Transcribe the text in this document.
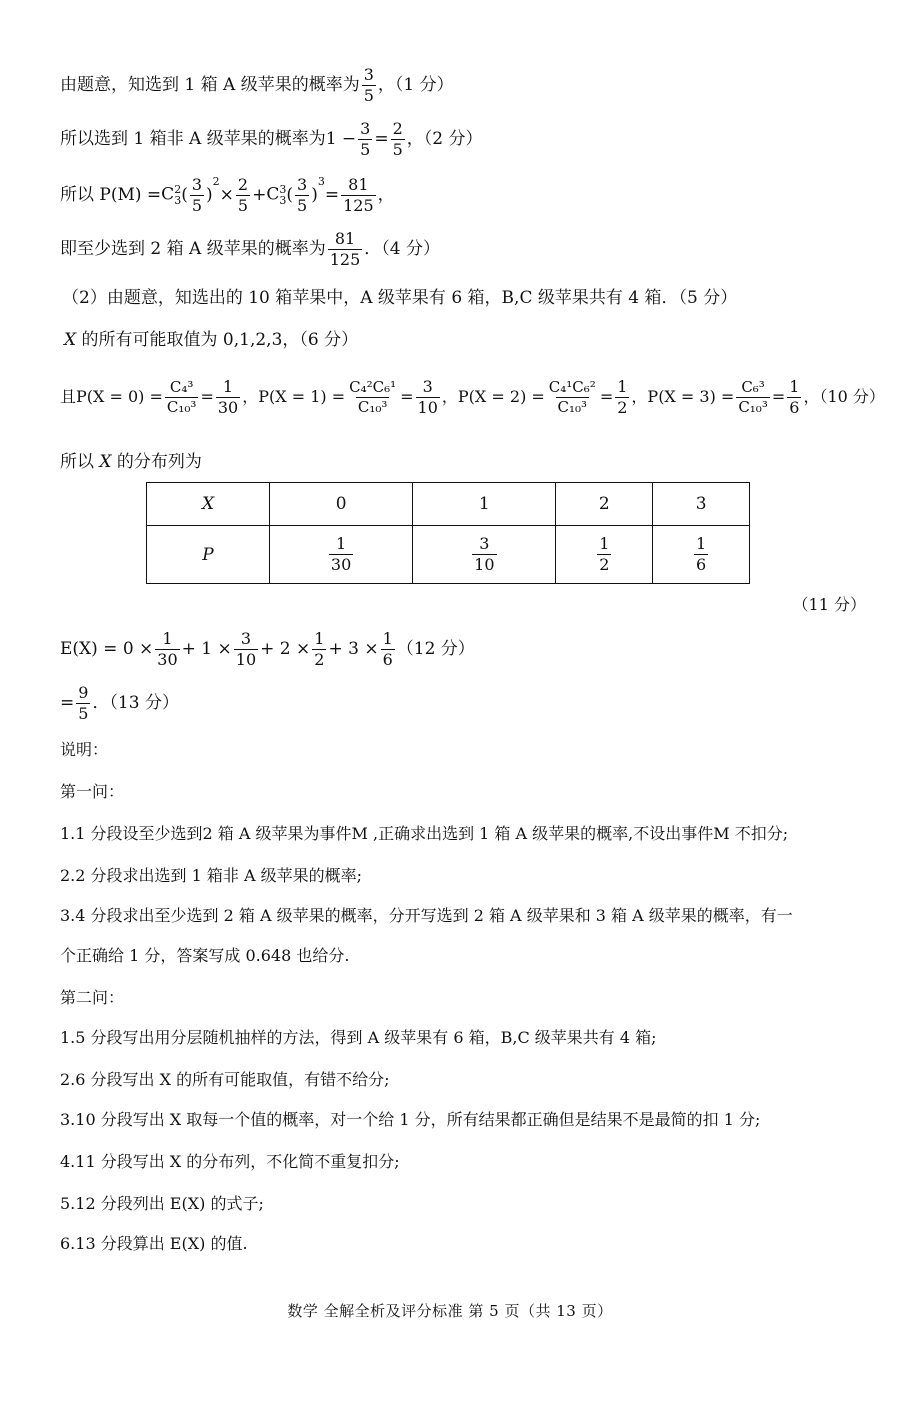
由题意，知选到 1 箱 A 级苹果的概率为 $\frac{3}{5}$ ，（1 分）
所以选到 1 箱非 A 级苹果的概率为$1 - \frac{3}{5} = \frac{2}{5}$ ，（2 分）
所以 P(M) = C 2
3 ( $\frac{3}{5}$ )
2
× $\frac{2}{5} + C$ 3
3 ( $\frac{3}{5}$ )
3
= $\frac{81}{125}$ ，
即至少选到 2 箱 A 级苹果的概率为 $\frac{81}{125}$ ．（4 分）
（2）由题意，知选出的 10 箱苹果中，A 级苹果有 6 箱，B,C 级苹果共有 4 箱．（5 分）
X 的所有可能取值为 0,1,2,3，（6 分）
且 $P(X = 0) = \frac{\text{C₄³}}{\text{C₁₀³}} = \frac{1}{30}$ ， $P(X = 1) = \frac{\text{C₄²C₆¹}}{\text{C₁₀³}} = \frac{3}{10}$ ， $P(X = 2) = \frac{\text{C₄¹C₆²}}{\text{C₁₀³}} = \frac{1}{2}$ ， $P(X = 3) = \frac{\text{C₆³}}{\text{C₁₀³}} = \frac{1}{6}$ ，（10 分）
所以 X 的分布列为
X	0	1	2	3
P	$\frac{1}{30}$	$\frac{3}{10}$	$\frac{1}{2}$	$\frac{1}{6}$
（11 分）
$E(X) = 0 \times \frac{1}{30} + 1 \times \frac{3}{10} + 2 \times \frac{1}{2} + 3 \times \frac{1}{6} (12$ 分）
= $\frac{9}{5}$ ．（13 分）
说明：
第一问：
1.1 分段设至少选到2 箱 A 级苹果为事件M ,正确求出选到 1 箱 A 级苹果的概率,不设出事件M 不扣分;
2.2 分段求出选到 1 箱非 A 级苹果的概率;
3.4 分段求出至少选到 2 箱 A 级苹果的概率，分开写选到 2 箱 A 级苹果和 3 箱 A 级苹果的概率，有一
个正确给 1 分，答案写成 0.648 也给分.
第二问：
1.5 分段写出用分层随机抽样的方法，得到 A 级苹果有 6 箱，B,C 级苹果共有 4 箱;
2.6 分段写出 X 的所有可能取值，有错不给分;
3.10 分段写出 X 取每一个值的概率，对一个给 1 分，所有结果都正确但是结果不是最简的扣 1 分;
4.11 分段写出 X 的分布列，不化简不重复扣分;
5.12 分段列出 E(X) 的式子;
6.13 分段算出 E(X) 的值.
数学 全解全析及评分标准 第 5 页（共 13 页）
